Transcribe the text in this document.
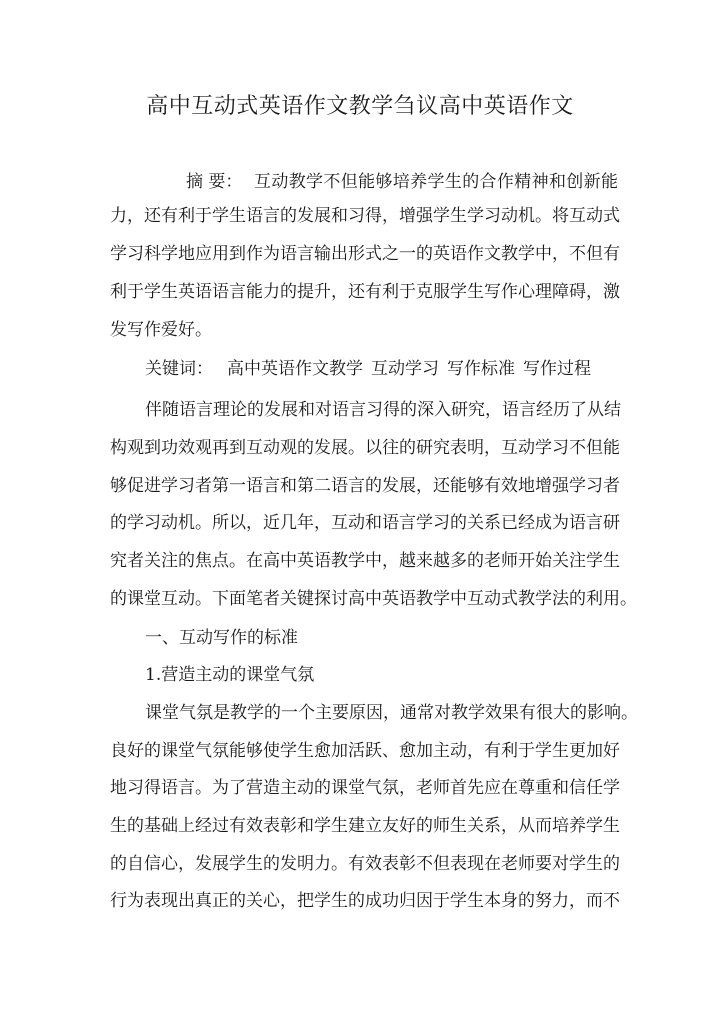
高中互动式英语作文教学刍议高中英语作文
摘 要： 互动教学不但能够培养学生的合作精神和创新能
力，还有利于学生语言的发展和习得，增强学生学习动机。将互动式
学习科学地应用到作为语言输出形式之一的英语作文教学中，不但有
利于学生英语语言能力的提升，还有利于克服学生写作心理障碍，激
发写作爱好。
关键词： 高中英语作文教学 互动学习 写作标准 写作过程
伴随语言理论的发展和对语言习得的深入研究，语言经历了从结
构观到功效观再到互动观的发展。以往的研究表明，互动学习不但能
够促进学习者第一语言和第二语言的发展，还能够有效地增强学习者
的学习动机。所以，近几年，互动和语言学习的关系已经成为语言研
究者关注的焦点。在高中英语教学中，越来越多的老师开始关注学生
的课堂互动。下面笔者关键探讨高中英语教学中互动式教学法的利用。
一、互动写作的标准
1.营造主动的课堂气氛
课堂气氛是教学的一个主要原因，通常对教学效果有很大的影响。
良好的课堂气氛能够使学生愈加活跃、愈加主动，有利于学生更加好
地习得语言。为了营造主动的课堂气氛，老师首先应在尊重和信任学
生的基础上经过有效表彰和学生建立友好的师生关系，从而培养学生
的自信心，发展学生的发明力。有效表彰不但表现在老师要对学生的
行为表现出真正的关心，把学生的成功归因于学生本身的努力，而不
